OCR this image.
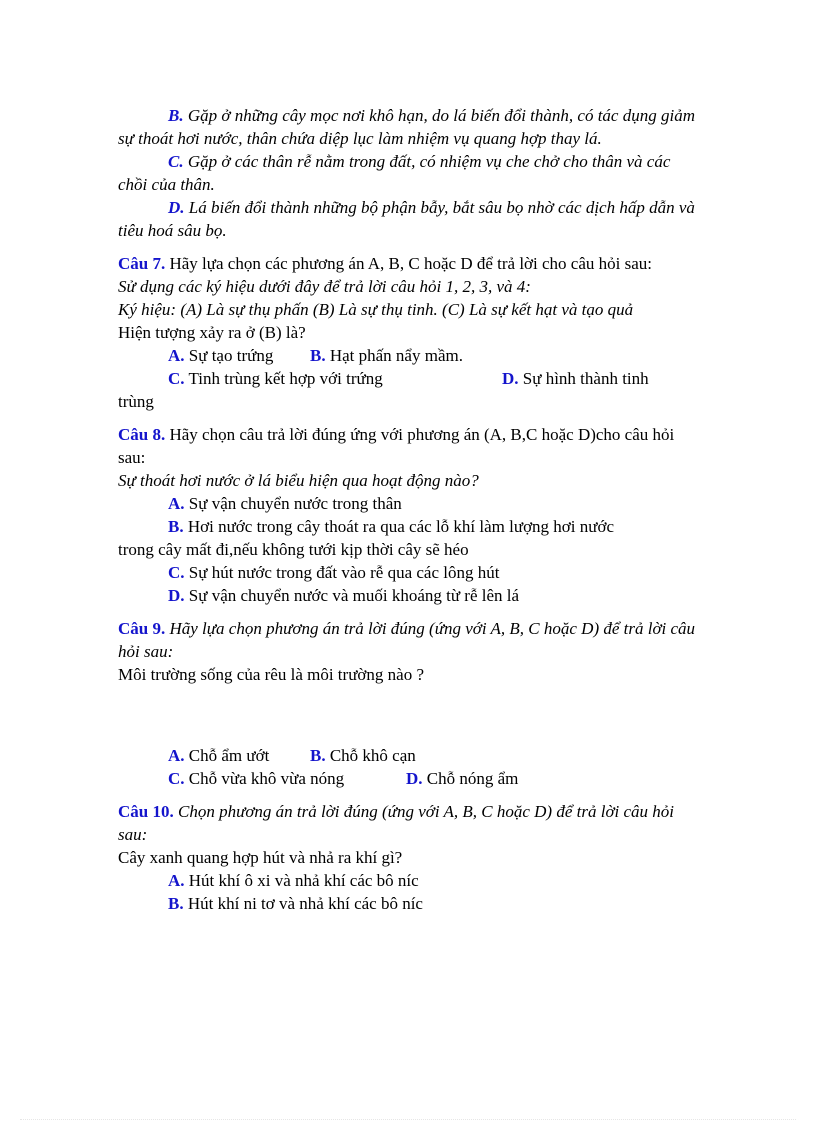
B. Gặp ở những cây mọc nơi khô hạn, do lá biến đổi thành, có tác dụng giảm sự thoát hơi nước, thân chứa diệp lục làm nhiệm vụ quang hợp thay lá.

C. Gặp ở các thân rễ nằm trong đất, có nhiệm vụ che chở cho thân và các chồi của thân.

D. Lá biến đổi thành những bộ phận bẫy, bắt sâu bọ nhờ các dịch hấp dẫn và tiêu hoá sâu bọ.

Câu 7. Hãy lựa chọn các phương án A, B, C hoặc D để trả lời cho câu hỏi sau:

Sử dụng các ký hiệu dưới đây để trả lời câu hỏi 1, 2, 3, và 4:

Ký hiệu: (A) Là sự thụ phấn (B) Là sự thụ tinh. (C) Là sự kết hạt và tạo quả

Hiện tượng xảy ra ở (B) là?

A. Sự tạo trứng	B. Hạt phấn nẩy mầm.
C. Tinh trùng kết hợp với trứng	D. Sự hình thành tinh

trùng

Câu 8. Hãy chọn câu trả lời đúng ứng với phương án (A, B,C hoặc D)cho câu hỏi sau:

Sự thoát hơi nước ở lá biểu hiện qua hoạt động nào?

A. Sự vận chuyển nước trong thân

B. Hơi nước trong cây thoát ra qua các lỗ khí làm lượng hơi nước

trong cây mất đi,nếu không tưới kịp thời cây sẽ héo

C. Sự hút nước trong đất vào rễ qua các lông hút

D. Sự vận chuyển nước và muối khoáng từ rễ lên lá

Câu 9. Hãy lựa chọn phương án trả lời đúng (ứng với A, B, C hoặc D) để trả lời câu hỏi sau:

Môi trường sống của rêu là môi trường nào ?

A. Chỗ ẩm ướt	B. Chỗ khô cạn
C. Chỗ vừa khô vừa nóng	D. Chỗ nóng ẩm

Câu 10. Chọn phương án trả lời đúng (ứng với A, B, C hoặc D) để trả lời câu hỏi sau:

Cây xanh quang hợp hút và nhả ra khí gì?

A. Hút khí ô xi và nhả khí các bô níc

B. Hút khí ni tơ và nhả khí các bô níc
